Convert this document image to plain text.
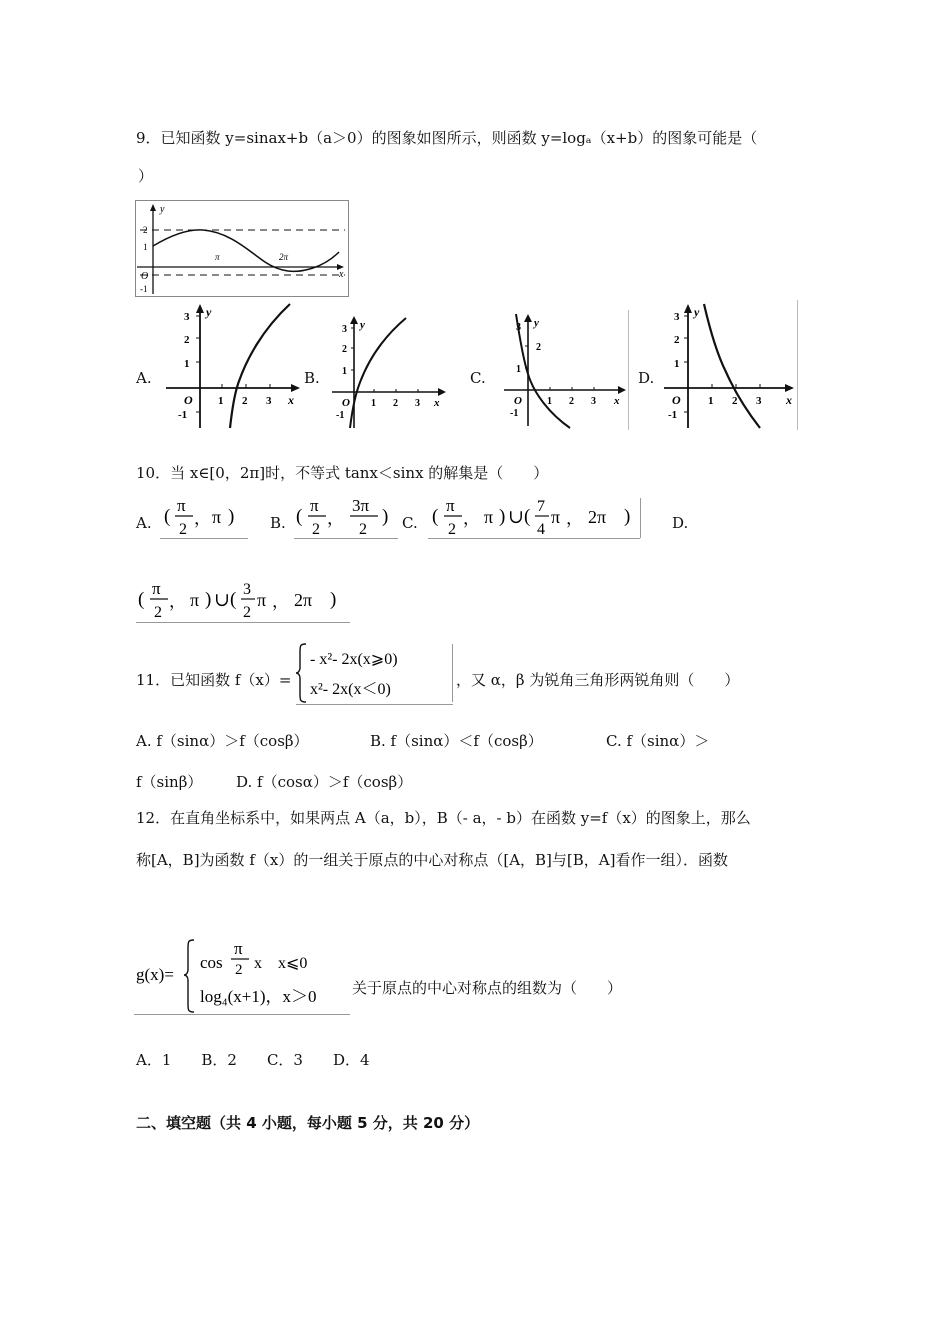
9．已知函数 y=sinax+b（a＞0）的图象如图所示，则函数 y=logₐ（x+b）的图象可能是（
）
y
x
O
2
1
-1
π	2π
A.
y
x
O
3
2
1
-1
1 2 3
B.
y
x
O
3
2
1
-1
1 2 3
C.
y
x
O
3
2
1
-1
1 2 3
D.
y
x
O
3
2
1
-1
1 2 3
10．当 x∈[0，2π]时，不等式 tanx＜sinx 的解集是（　　）
A. (
π
2
， π ) B. (
π
2
，
3π
2
) C. (
π
2
， π ) ∪ ( 7
4
π ， 2π )	D.
(
π
2
， π ) ∪ ( 3
2
π ， 2π )
11．已知函数 f（x）=
- x²- 2x(x⩾0)
x²- 2x(x＜0)
，又 α，β 为锐角三角形两锐角则（　　）
A. f（sinα）＞f（cosβ）	B. f（sinα）＜f（cosβ）	C. f（sinα）＞
f（sinβ） D. f（cosα）＞f（cosβ）
12．在直角坐标系中，如果两点 A（a，b），B（- a，- b）在函数 y=f（x）的图象上，那么
称[A，B]为函数 f（x）的一组关于原点的中心对称点（[A，B]与[B，A]看作一组）．函数
g(x)=
cos
π
2 x　x⩽0
log₄(x+1)，x＞0 关于原点的中心对称点的组数为（　　）
A．1　　B．2　　C．3　　D．4
二、填空题（共 4 小题，每小题 5 分，共 20 分）
